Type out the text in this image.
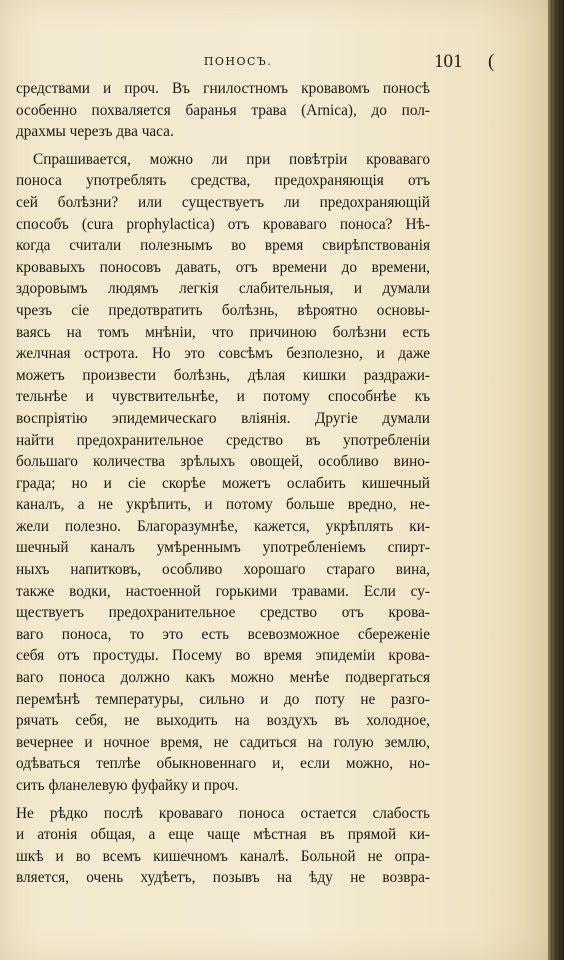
ПОНОСЪ.	101 (
средствами и проч. Въ гнилостномъ кровавомъ поносѣ
особенно похваляется баранья трава (Arnica), до пол-
драхмы черезъ два часа.
Спрашивается, можно ли при повѣтріи кроваваго
поноса употреблять средства, предохраняющія отъ
сей болѣзни? или существуетъ ли предохраняющій
способъ (cura prophylactica) отъ кроваваго поноса? Нѣ-
когда считали полезнымъ во время свирѣпствованія
кровавыхъ поносовъ давать, отъ времени до времени,
здоровымъ людямъ легкія слабительныя, и думали
чрезъ сіе предотвратить болѣзнь, вѣроятно основы-
ваясь на томъ мнѣніи, что причиною болѣзни есть
желчная острота. Но это совсѣмъ безполезно, и даже
можетъ произвести болѣзнь, дѣлая кишки раздражи-
тельнѣе и чувствительнѣе, и потому способнѣе къ
воспріятію эпидемическаго вліянія. Другіе думали
найти предохранительное средство въ употребленіи
большаго количества зрѣлыхъ овощей, особливо вино-
града; но и сіе скорѣе можетъ ослабить кишечный
каналъ, а не укрѣпить, и потому больше вредно, не-
жели полезно. Благоразумнѣе, кажется, укрѣплять ки-
шечный каналъ умѣреннымъ употребленіемъ спирт-
ныхъ напитковъ, особливо хорошаго стараго вина,
также водки, настоенной горькими травами. Если су-
ществуетъ предохранительное средство отъ крова-
ваго поноса, то это есть всевозможное сбереженіе
себя отъ простуды. Посему во время эпидеміи крова-
ваго поноса должно какъ можно менѣе подвергаться
перемѣнѣ температуры, сильно и до поту не разго-
рячать себя, не выходить на воздухъ въ холодное,
вечернее и ночное время, не садиться на голую землю,
одѣваться теплѣе обыкновеннаго и, если можно, но-
сить фланелевую фуфайку и проч.
Не рѣдко послѣ кроваваго поноса остается слабость
и атонія общая, а еще чаще мѣстная въ прямой ки-
шкѣ и во всемъ кишечномъ каналѣ. Больной не опра-
вляется, очень худѣетъ, позывъ на ѣду не возвра-
